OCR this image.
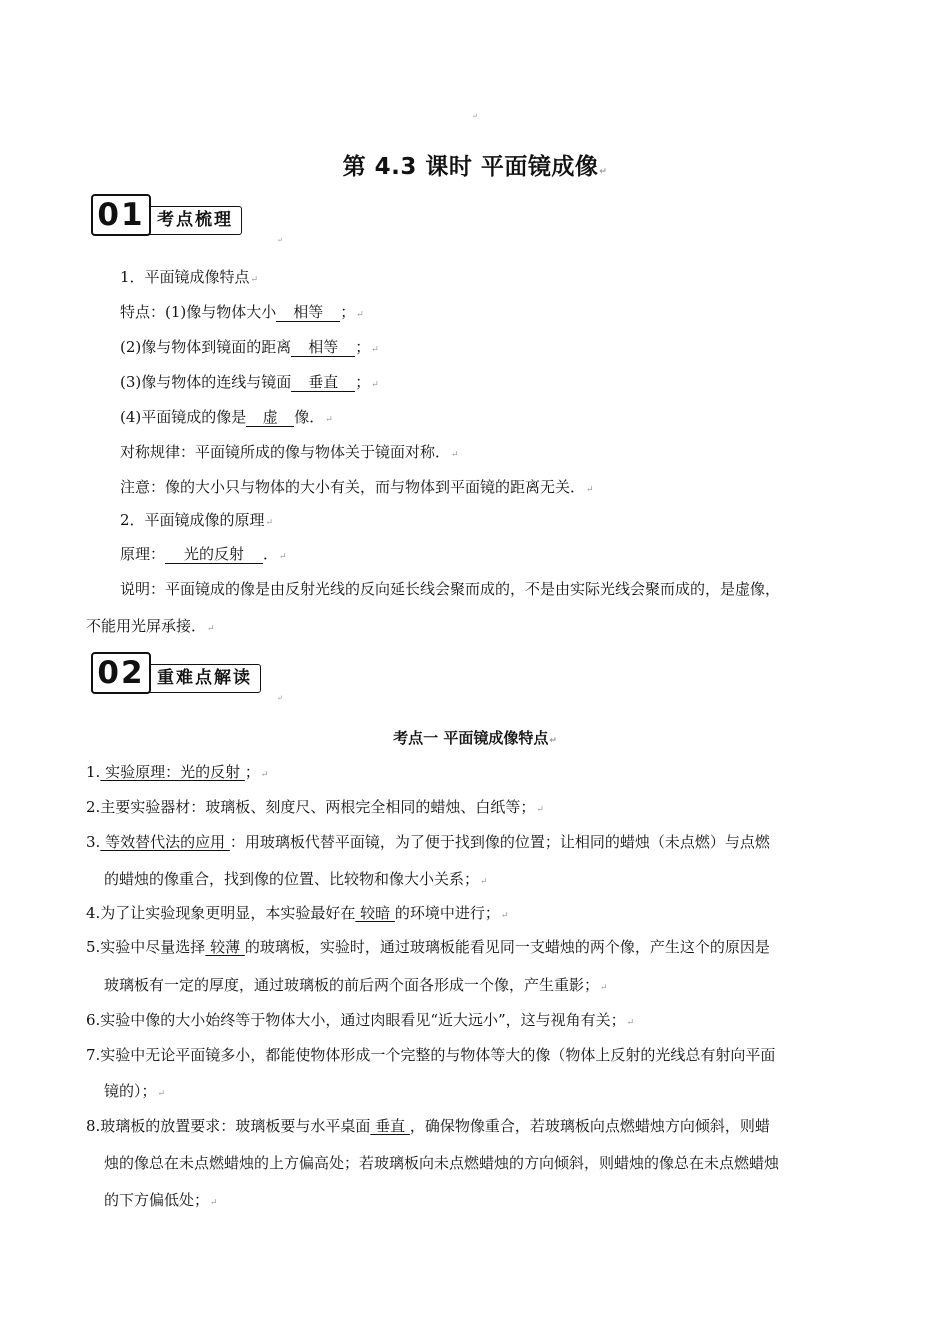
↵
第 4.3 课时 平面镜成像↵
01 考点梳理
↵
1．平面镜成像特点↵
特点：(1)像与物体大小 相等 ；↵
(2)像与物体到镜面的距离 相等 ；↵
(3)像与物体的连线与镜面 垂直 ；↵
(4)平面镜成的像是 虚 像．↵
对称规律：平面镜所成的像与物体关于镜面对称．↵
注意：像的大小只与物体的大小有关，而与物体到平面镜的距离无关．↵
2．平面镜成像的原理↵
原理： 光的反射 ．↵
说明：平面镜成的像是由反射光线的反向延长线会聚而成的，不是由实际光线会聚而成的，是虚像，
不能用光屏承接．↵
02 重难点解读
↵
考点一 平面镜成像特点↵
1. 实验原理：光的反射 ；↵
2.主要实验器材：玻璃板、刻度尺、两根完全相同的蜡烛、白纸等；↵
3. 等效替代法的应用 ：用玻璃板代替平面镜，为了便于找到像的位置；让相同的蜡烛（未点燃）与点燃
的蜡烛的像重合，找到像的位置、比较物和像大小关系；↵
4.为了让实验现象更明显，本实验最好在 较暗 的环境中进行；↵
5.实验中尽量选择 较薄 的玻璃板，实验时，通过玻璃板能看见同一支蜡烛的两个像，产生这个的原因是
玻璃板有一定的厚度，通过玻璃板的前后两个面各形成一个像，产生重影；↵
6.实验中像的大小始终等于物体大小，通过肉眼看见“近大远小”，这与视角有关；↵
7.实验中无论平面镜多小，都能使物体形成一个完整的与物体等大的像（物体上反射的光线总有射向平面
镜的）；↵
8.玻璃板的放置要求：玻璃板要与水平桌面 垂直 ，确保物像重合，若玻璃板向点燃蜡烛方向倾斜，则蜡
烛的像总在未点燃蜡烛的上方偏高处；若玻璃板向未点燃蜡烛的方向倾斜，则蜡烛的像总在未点燃蜡烛
的下方偏低处；↵
